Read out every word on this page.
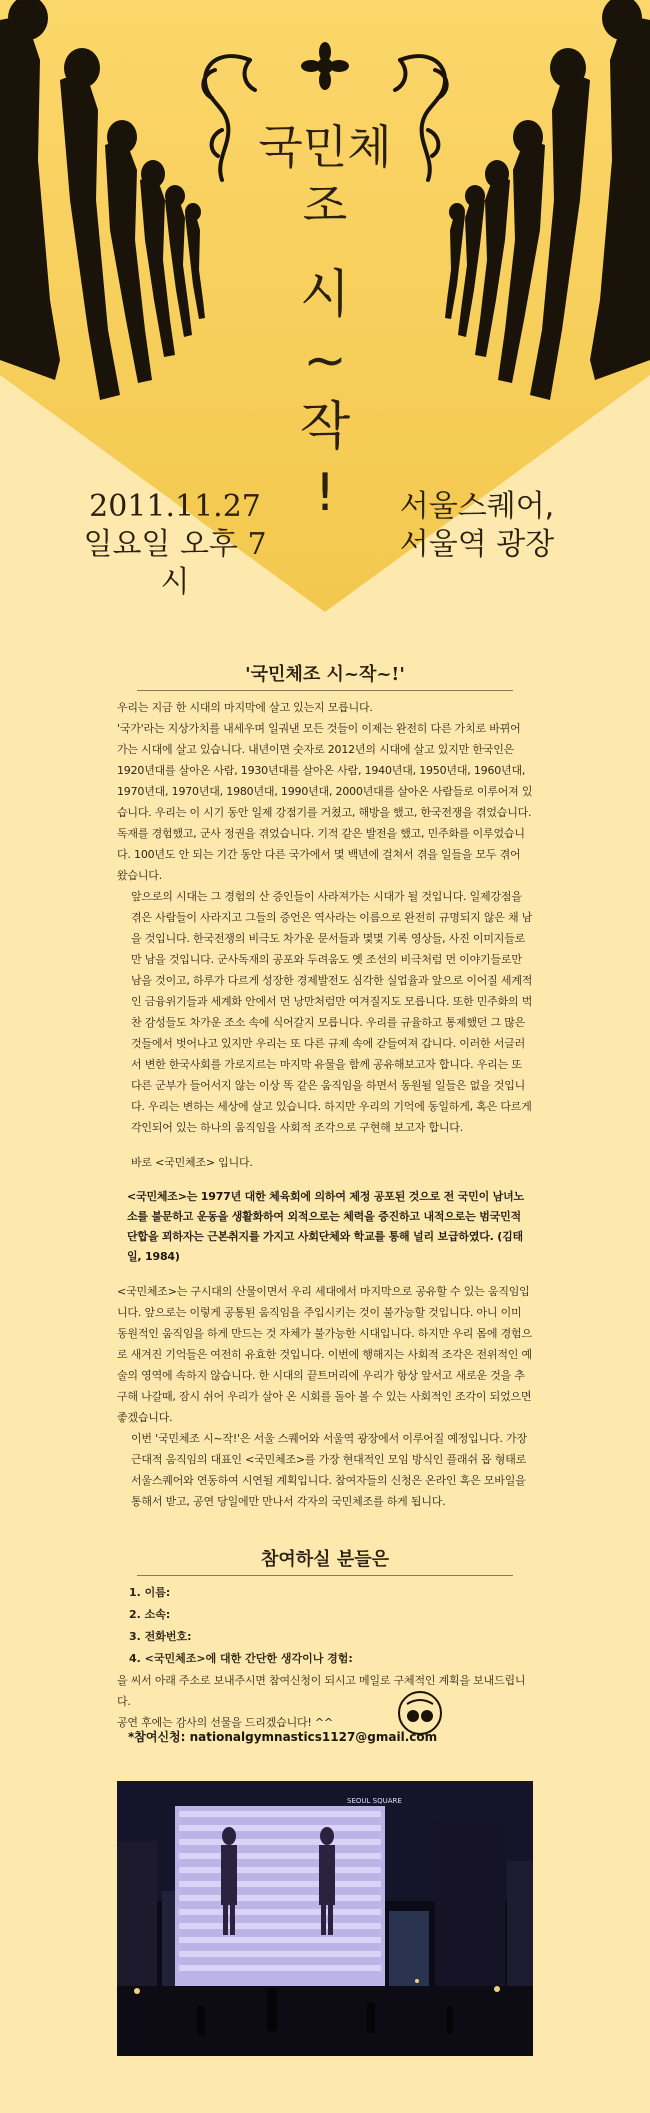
국민체조
시
~
작
!
2011.11.27
일요일 오후 7시
서울스퀘어,
서울역 광장
'국민체조 시~작~!'

우리는 지금 한 시대의 마지막에 살고 있는지 모릅니다.

'국가'라는 지상가치를 내세우며 일궈낸 모든 것들이 이제는 완전히 다른 가치로 바뀌어 가는 시대에 살고 있습니다. 내년이면 숫자로 2012년의 시대에 살고 있지만 한국인은 1920년대를 살아온 사람, 1930년대를 살아온 사람, 1940년대, 1950년대, 1960년대, 1970년대, 1970년대, 1980년대, 1990년대, 2000년대를 살아온 사람들로 이루어져 있습니다. 우리는 이 시기 동안 일제 강점기를 거쳤고, 해방을 했고, 한국전쟁을 겪었습니다. 독재를 경험했고, 군사 정권을 겪었습니다. 기적 같은 발전을 했고, 민주화를 이루었습니다. 100년도 안 되는 기간 동안 다른 국가에서 몇 백년에 걸쳐서 겪을 일들을 모두 겪어 왔습니다.

앞으로의 시대는 그 경험의 산 증인들이 사라져가는 시대가 될 것입니다. 일제강점을 겪은 사람들이 사라지고 그들의 증언은 역사라는 이름으로 완전히 규명되지 않은 채 남을 것입니다. 한국전쟁의 비극도 차가운 문서들과 몇몇 기록 영상들, 사진 이미지들로만 남을 것입니다. 군사독재의 공포와 두려움도 옛 조선의 비극처럼 먼 이야기들로만 남을 것이고, 하루가 다르게 성장한 경제발전도 심각한 실업율과 앞으로 이어질 세계적인 금융위기들과 세계화 안에서 먼 낭만처럼만 여겨질지도 모릅니다. 또한 민주화의 벅찬 감성들도 차가운 조소 속에 식어갈지 모릅니다. 우리를 규율하고 통제했던 그 많은 것들에서 벗어나고 있지만 우리는 또 다른 규제 속에 갇들여져 갑니다. 이러한 서글러서 변한 한국사회를 가로지르는 마지막 유물을 함께 공유해보고자 합니다. 우리는 또 다른 군부가 들어서지 않는 이상 똑 같은 움직임을 하면서 동원될 일들은 없을 것입니다. 우리는 변하는 세상에 살고 있습니다. 하지만 우리의 기억에 동일하게, 혹은 다르게 각인되어 있는 하나의 움직임을 사회적 조각으로 구현해 보고자 합니다.

바로 <국민체조> 입니다.

<국민체조>는 1977년 대한 체육회에 의하여 제정 공포된 것으로 전 국민이 남녀노소를 불문하고 운동을 생활화하여 외적으로는 체력을 증진하고 내적으로는 범국민적 단합을 꾀하자는 근본취지를 가지고 사회단체와 학교를 통해 널리 보급하였다. (김태일, 1984)

<국민체조>는 구시대의 산물이면서 우리 세대에서 마지막으로 공유할 수 있는 움직임입니다. 앞으로는 이렇게 공통된 움직임을 주입시키는 것이 불가능할 것입니다. 아니 이미 동원적인 움직임을 하게 만드는 것 자체가 불가능한 시대입니다. 하지만 우리 몸에 경험으로 새겨진 기억들은 여전히 유효한 것입니다. 이번에 행해지는 사회적 조각은 전위적인 예술의 영역에 속하지 않습니다. 한 시대의 끝트머리에 우리가 항상 앞서고 새로운 것을 추구해 나갈때, 잠시 쉬어 우리가 살아 온 시회를 돌아 볼 수 있는 사회적인 조각이 되었으면 좋겠습니다.

이번 '국민체조 시~작!'은 서울 스퀘어와 서울역 광장에서 이루어질 예정입니다. 가장 근대적 움직임의 대표인 <국민체조>를 가장 현대적인 모임 방식인 플래쉬 몹 형태로 서울스퀘어와 연동하여 시연될 계획입니다. 참여자들의 신청은 온라인 혹은 모바일을 통해서 받고, 공연 당일에만 만나서 각자의 국민체조를 하게 됩니다.

참여하실 분들은
1. 이름:
2. 소속:
3. 전화번호:
4. <국민체조>에 대한 간단한 생각이나 경험:

을 씨서 아래 주소로 보내주시면 참여신청이 되시고 메일로 구체적인 계획을 보내드립니다.

공연 후에는 감사의 선물을 드리겠습니다! ^^

*참여신청: nationalgymnastics1127@gmail.com
SEOUL SQUARE
